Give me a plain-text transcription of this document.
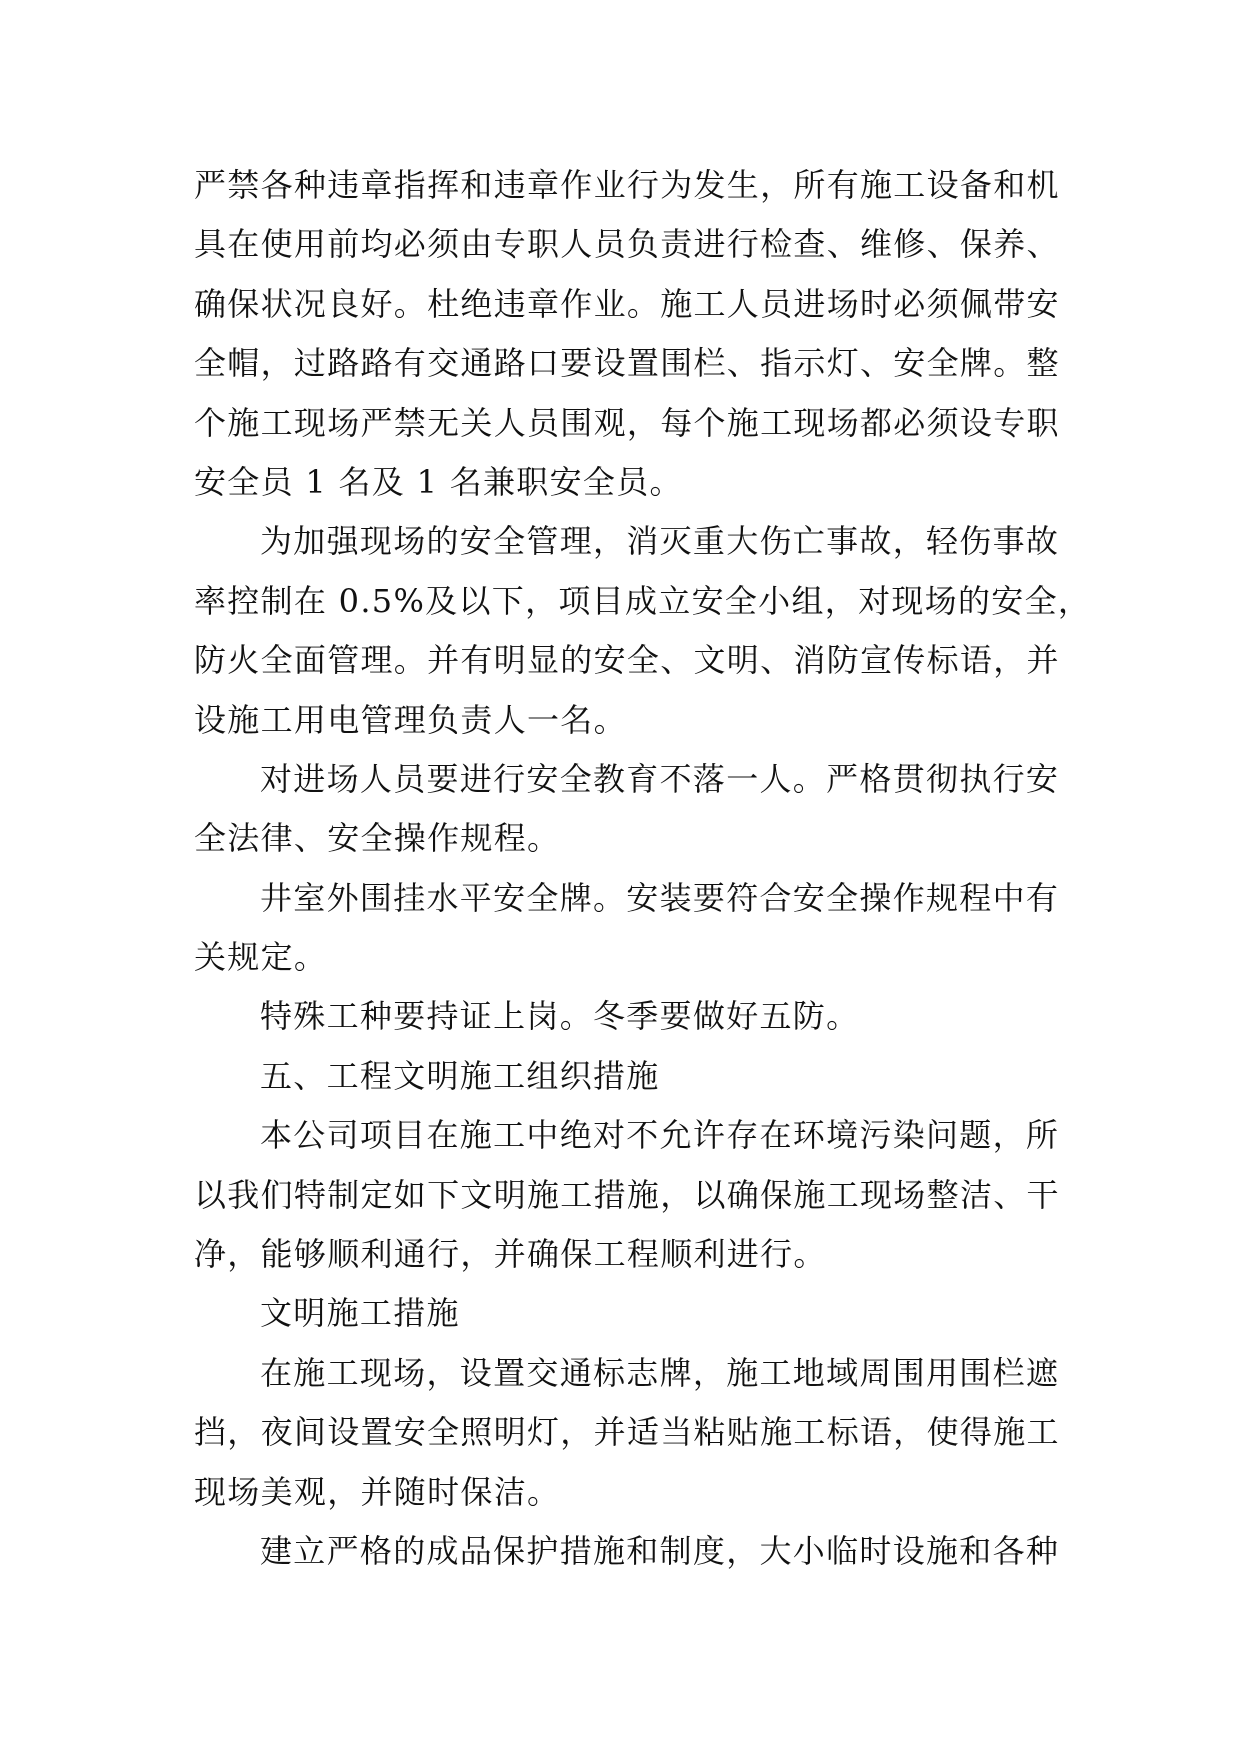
严禁各种违章指挥和违章作业行为发生，所有施工设备和机
具在使用前均必须由专职人员负责进行检查、维修、保养、
确保状况良好。杜绝违章作业。施工人员进场时必须佩带安
全帽，过路路有交通路口要设置围栏、指示灯、安全牌。整
个施工现场严禁无关人员围观，每个施工现场都必须设专职
安全员 1 名及 1 名兼职安全员。
为加强现场的安全管理，消灭重大伤亡事故，轻伤事故
率控制在 0.5%及以下，项目成立安全小组，对现场的安全，
防火全面管理。并有明显的安全、文明、消防宣传标语，并
设施工用电管理负责人一名。
对进场人员要进行安全教育不落一人。严格贯彻执行安
全法律、安全操作规程。
井室外围挂水平安全牌。安装要符合安全操作规程中有
关规定。
特殊工种要持证上岗。冬季要做好五防。
五、工程文明施工组织措施
本公司项目在施工中绝对不允许存在环境污染问题，所
以我们特制定如下文明施工措施，以确保施工现场整洁、干
净，能够顺利通行，并确保工程顺利进行。
文明施工措施
在施工现场，设置交通标志牌，施工地域周围用围栏遮
挡，夜间设置安全照明灯，并适当粘贴施工标语，使得施工
现场美观，并随时保洁。
建立严格的成品保护措施和制度，大小临时设施和各种
